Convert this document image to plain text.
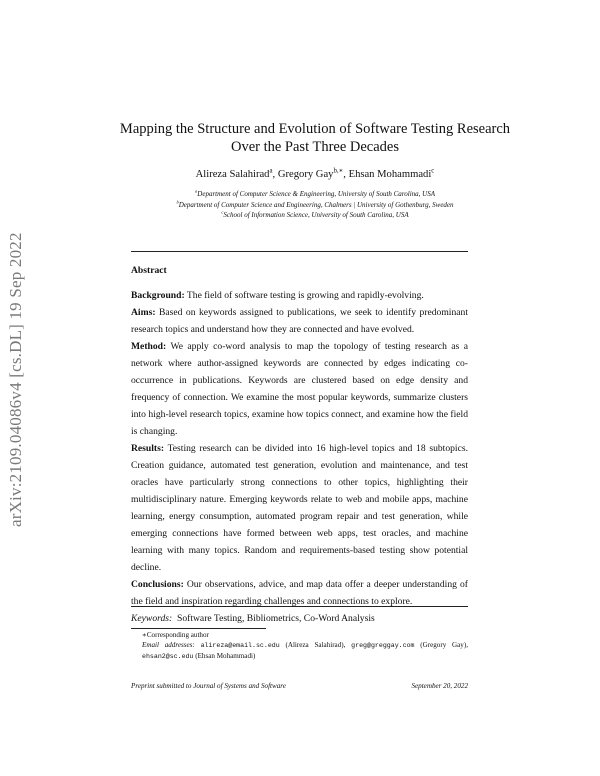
arXiv:2109.04086v4 [cs.DL] 19 Sep 2022
Mapping the Structure and Evolution of Software Testing Research Over the Past Three Decades
Alireza Salahirad$^a$, Gregory Gay$^{b,∗}$, Ehsan Mohammadi$^c$
$^a$Department of Computer Science & Engineering, University of South Carolina, USA
$^b$Department of Computer Science and Engineering, Chalmers | University of Gothenburg, Sweden
$^c$School of Information Science, University of South Carolina, USA
Abstract

Background: The field of software testing is growing and rapidly-evolving.

Aims: Based on keywords assigned to publications, we seek to identify predominant research topics and understand how they are connected and have evolved.

Method: We apply co-word analysis to map the topology of testing research as a network where author-assigned keywords are connected by edges indicating co-occurrence in publications. Keywords are clustered based on edge density and frequency of connection. We examine the most popular keywords, summarize clusters into high-level research topics, examine how topics connect, and examine how the field is changing.

Results: Testing research can be divided into 16 high-level topics and 18 subtopics. Creation guidance, automated test generation, evolution and maintenance, and test oracles have particularly strong connections to other topics, highlighting their multidisciplinary nature. Emerging keywords relate to web and mobile apps, machine learning, energy consumption, automated program repair and test generation, while emerging connections have formed between web apps, test oracles, and machine learning with many topics. Random and requirements-based testing show potential decline.

Conclusions: Our observations, advice, and map data offer a deeper understanding of the field and inspiration regarding challenges and connections to explore.

Keywords: Software Testing, Bibliometrics, Co-Word Analysis

∗Corresponding author
Email addresses: alireza@email.sc.edu (Alireza Salahirad), greg@greggay.com (Gregory Gay), ehsan2@sc.edu (Ehsan Mohammadi)
Preprint submitted to Journal of Systems and Software	September 20, 2022
